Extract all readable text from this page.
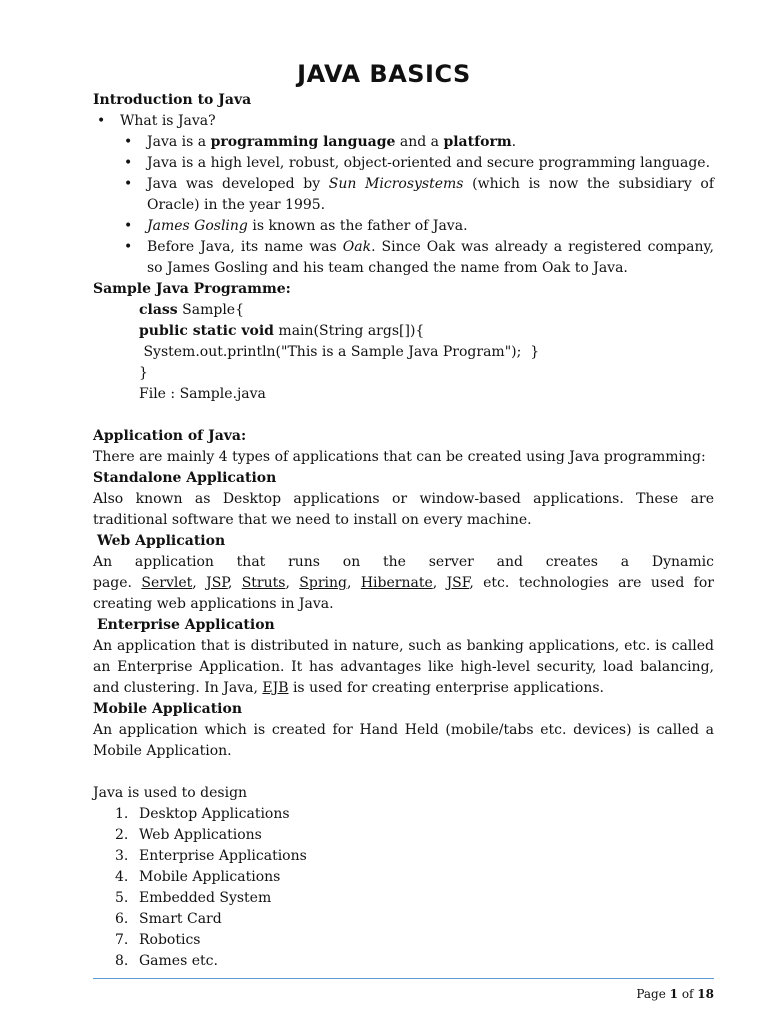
JAVA BASICS

Introduction to Java

• What is Java?
• Java is a programming language and a platform.
• Java is a high level, robust, object-oriented and secure programming language.
• Java was developed by Sun Microsystems (which is now the subsidiary of Oracle) in the year 1995.
• James Gosling is known as the father of Java.
• Before Java, its name was Oak. Since Oak was already a registered company, so James Gosling and his team changed the name from Oak to Java.

Sample Java Programme:

class Sample{

public static void main(String args[]){

System.out.println("This is a Sample Java Program");  }

}

File : Sample.java

Application of Java:

There are mainly 4 types of applications that can be created using Java programming:

Standalone Application

Also known as Desktop applications or window-based applications. These are traditional software that we need to install on every machine.

Web Application

An application that runs on the server and creates a Dynamic

page. Servlet, JSP, Struts, Spring, Hibernate, JSF, etc. technologies are used for creating web applications in Java.

Enterprise Application

An application that is distributed in nature, such as banking applications, etc. is called an Enterprise Application. It has advantages like high-level security, load balancing, and clustering. In Java, EJB is used for creating enterprise applications.

Mobile Application

An application which is created for Hand Held (mobile/tabs etc. devices) is called a Mobile Application.

Java is used to design

1. Desktop Applications
2. Web Applications
3. Enterprise Applications
4. Mobile Applications
5. Embedded System
6. Smart Card
7. Robotics
8. Games etc.
Page 1 of 18
